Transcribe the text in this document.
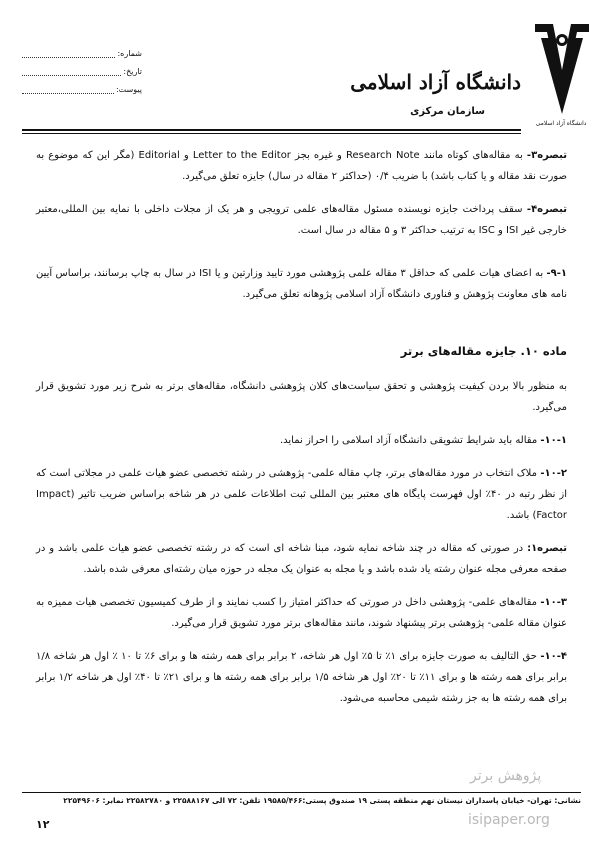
شماره:
تاریخ:
پیوست:
دانشگاه آزاد اسلامی
دانشگاه آزاد اسلامی
سازمان مرکزی

تبصره۳- به مقاله‌های کوتاه مانند Research Note و غیره بجز Letter to the Editor و Editorial (مگر این که موضوع به صورت نقد مقاله و یا کتاب باشد) با ضریب ۰/۴ (حداکثر ۲ مقاله در سال) جایزه تعلق می‌گیرد.

تبصره۴- سقف پرداخت جایزه نویسنده مسئول مقاله‌های علمی ترویجی و هر یک از مجلات داخلی با نمایه بین المللی،معتبر خارجی غیر ISI و ISC به ترتیب حداکثر ۳ و ۵ مقاله در سال است.

۹-۱- به اعضای هیات علمی که حداقل ۳ مقاله علمی پژوهشی مورد تایید وزارتین و یا ISI در سال به چاپ برسانند، براساس آیین نامه های معاونت پژوهش و فناوری دانشگاه آزاد اسلامی پژوهانه تعلق می‌گیرد.

ماده ۱۰. جایزه مقاله‌های برتر

به منظور بالا بردن کیفیت پژوهشی و تحقق سیاست‌های کلان پژوهشی دانشگاه، مقاله‌های برتر به شرح زیر مورد تشویق قرار می‌گیرد.

۱۰-۱- مقاله باید شرایط تشویقی دانشگاه آزاد اسلامی را احراز نماید.

۱۰-۲- ملاک انتخاب در مورد مقاله‌های برتر، چاپ مقاله علمی- پژوهشی در رشته تخصصی عضو هیات علمی در مجلاتی است که از نظر رتبه در ۴۰٪ اول فهرست پایگاه های معتبر بین المللی ثبت اطلاعات علمی در هر شاخه براساس ضریب تاثیر (Impact Factor) باشد.

تبصره۱: در صورتی که مقاله در چند شاخه نمایه شود، مبنا شاخه ای است که در رشته تخصصی عضو هیات علمی باشد و در صفحه معرفی مجله عنوان رشته یاد شده باشد و یا مجله به عنوان یک مجله در حوزه میان رشته‌ای معرفی شده باشد.

۱۰-۳- مقاله‌های علمی- پژوهشی داخل در صورتی که حداکثر امتیاز را کسب نمایند و از طرف کمیسیون تخصصی هیات ممیزه به عنوان مقاله علمی- پژوهشی برتر پیشنهاد شوند، مانند مقاله‌های برتر مورد تشویق قرار می‌گیرد.

۱۰-۴- حق التالیف به صورت جایزه برای ۱٪ تا ۵٪ اول هر شاخه، ۲ برابر برای همه رشته ها و برای ۶٪ تا ۱۰ ٪ اول هر شاخه ۱/۸ برابر برای همه رشته ها و برای ۱۱٪ تا ۲۰٪ اول هر شاخه ۱/۵ برابر برای همه رشته ها و برای ۲۱٪ تا ۴۰٪ اول هر شاخه ۱/۲ برابر برای همه رشته ها به جز رشته شیمی محاسبه می‌شود.

پژوهش برتر
isipaper.org
نشانی: تهران- خیابان پاسداران نیستان نهم منطقه پستی ۱۹ صندوق پستی:۱۹۵۸۵/۴۶۶ تلفن: ۷۲ الی ۲۲۵۸۸۱۶۷ و ۲۲۵۸۲۷۸۰ نمابر: ۲۲۵۴۹۶۰۶
۱۲
